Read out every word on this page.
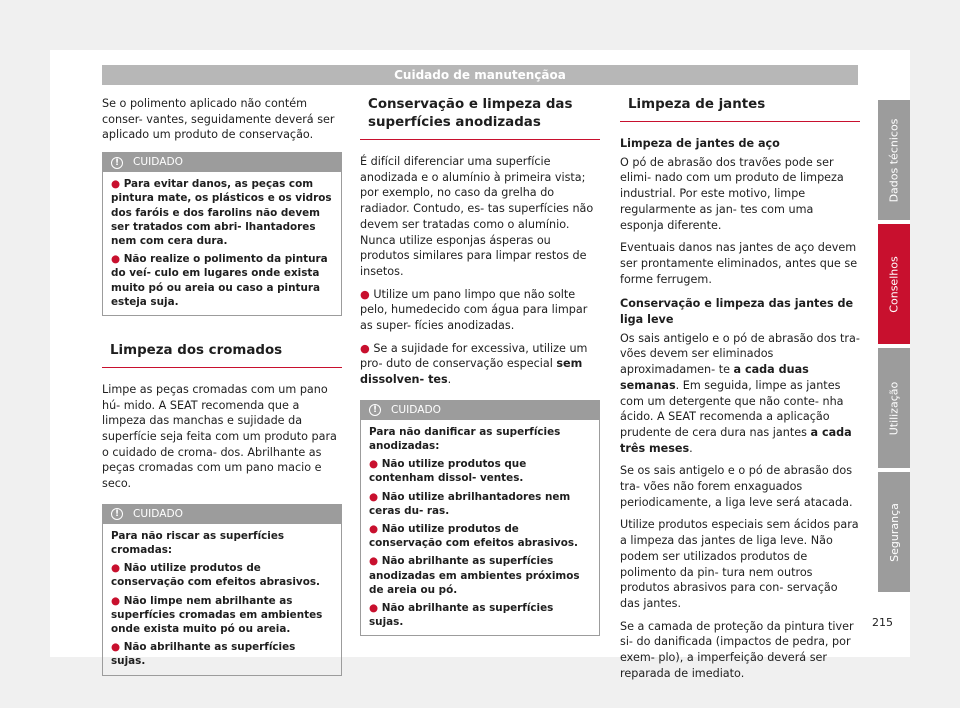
Cuidado de manutençãoa

Se o polimento aplicado não contém conser- vantes, seguidamente deverá ser aplicado um produto de conservação.

!	CUIDADO
● Para evitar danos, as peças com pintura mate, os plásticos e os vidros dos faróis e dos farolins não devem ser tratados com abri- lhantadores nem com cera dura.
● Não realize o polimento da pintura do veí- culo em lugares onde exista muito pó ou areia ou caso a pintura esteja suja.
Limpeza dos cromados

Limpe as peças cromadas com um pano hú- mido. A SEAT recomenda que a limpeza das manchas e sujidade da superfície seja feita com um produto para o cuidado de croma- dos. Abrilhante as peças cromadas com um pano macio e seco.

!	CUIDADO
Para não riscar as superfícies cromadas:
● Não utilize produtos de conservação com efeitos abrasivos.
● Não limpe nem abrilhante as superfícies cromadas em ambientes onde exista muito pó ou areia.
● Não abrilhante as superfícies sujas.
Conservação e limpeza das superfícies anodizadas

É difícil diferenciar uma superfície anodizada e o alumínio à primeira vista; por exemplo, no caso da grelha do radiador. Contudo, es- tas superfícies não devem ser tratadas como o alumínio. Nunca utilize esponjas ásperas ou produtos similares para limpar restos de insetos.

● Utilize um pano limpo que não solte pelo, humedecido com água para limpar as super- fícies anodizadas.

● Se a sujidade for excessiva, utilize um pro- duto de conservação especial sem dissolven- tes.

!	CUIDADO
Para não danificar as superfícies anodizadas:
● Não utilize produtos que contenham dissol- ventes.
● Não utilize abrilhantadores nem ceras du- ras.
● Não utilize produtos de conservação com efeitos abrasivos.
● Não abrilhante as superfícies anodizadas em ambientes próximos de areia ou pó.
● Não abrilhante as superfícies sujas.
Limpeza de jantes
Limpeza de jantes de aço

O pó de abrasão dos travões pode ser elimi- nado com um produto de limpeza industrial. Por este motivo, limpe regularmente as jan- tes com uma esponja diferente.

Eventuais danos nas jantes de aço devem ser prontamente eliminados, antes que se forme ferrugem.

Conservação e limpeza das jantes de liga leve

Os sais antigelo e o pó de abrasão dos tra- vões devem ser eliminados aproximadamen- te a cada duas semanas. Em seguida, limpe as jantes com um detergente que não conte- nha ácido. A SEAT recomenda a aplicação prudente de cera dura nas jantes a cada três meses.

Se os sais antigelo e o pó de abrasão dos tra- vões não forem enxaguados periodicamente, a liga leve será atacada.

Utilize produtos especiais sem ácidos para a limpeza das jantes de liga leve. Não podem ser utilizados produtos de polimento da pin- tura nem outros produtos abrasivos para con- servação das jantes.

Se a camada de proteção da pintura tiver si- do danificada (impactos de pedra, por exem- plo), a imperfeição deverá ser reparada de imediato.

Dados técnicos
Conselhos
Utilização
Segurança
215
